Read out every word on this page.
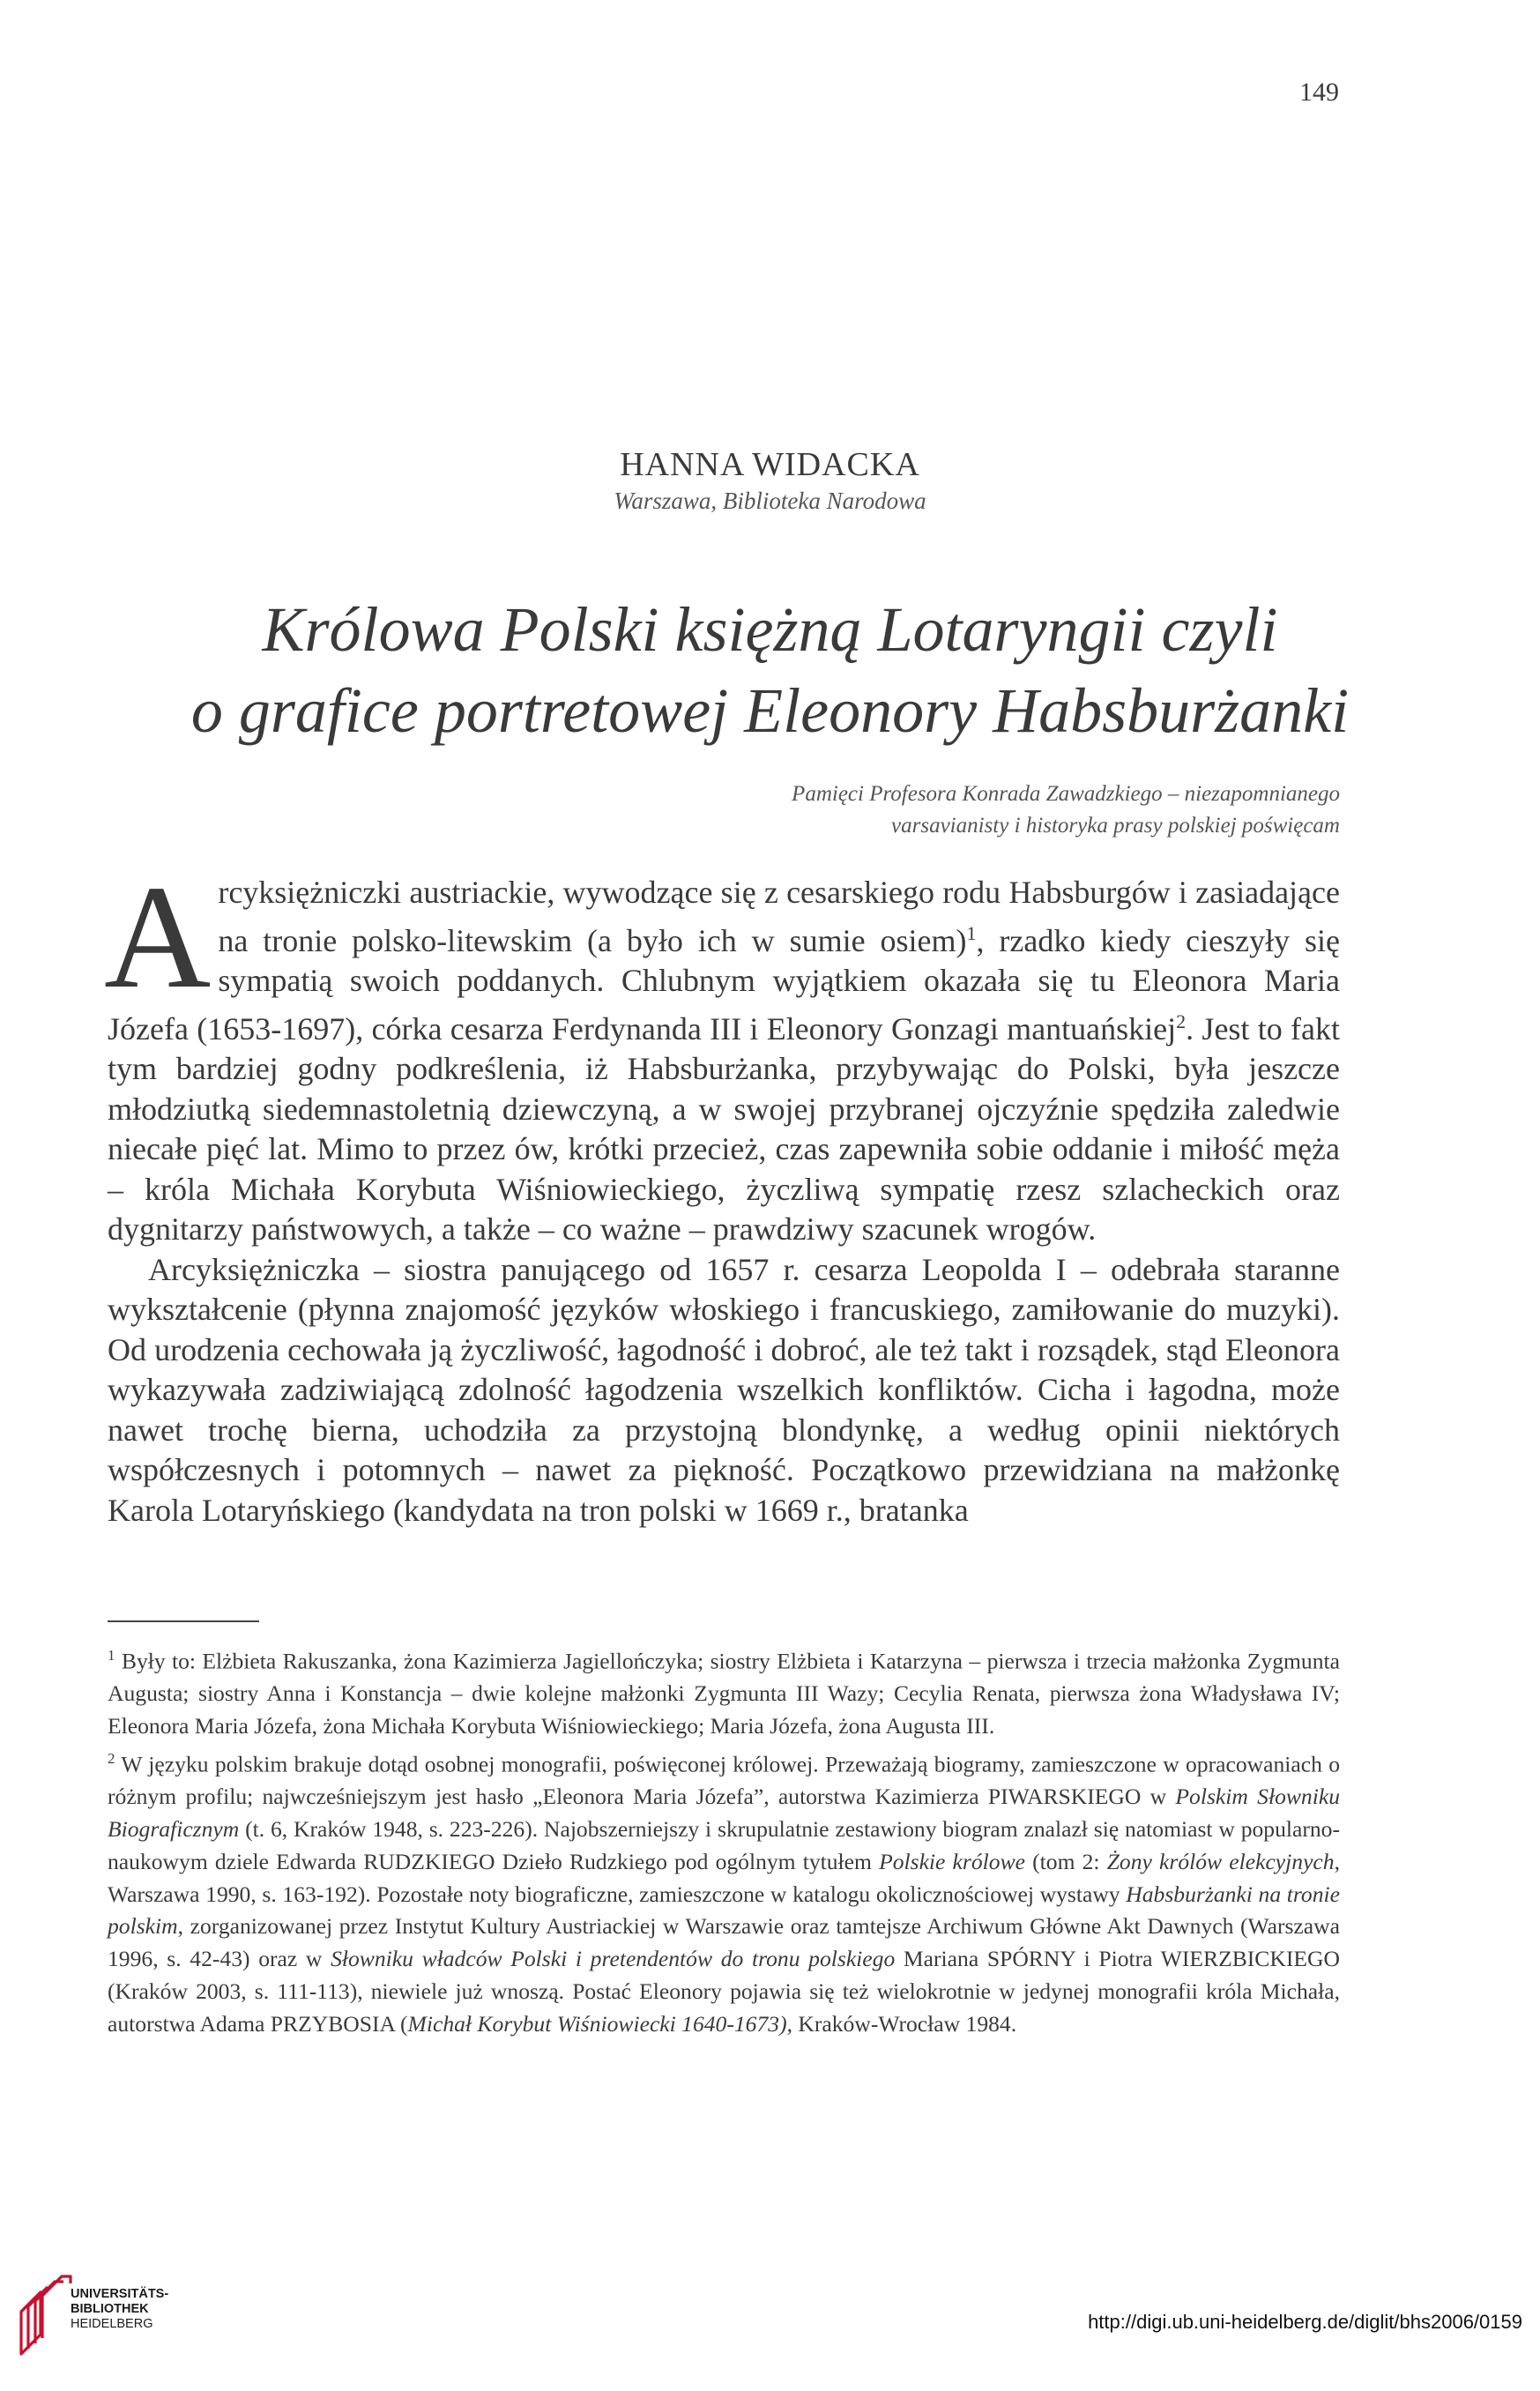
149
HANNA WIDACKA
Warszawa, Biblioteka Narodowa
Królowa Polski księżną Lotaryngii czyli
o grafice portretowej Eleonory Habsburżanki
Pamięci Profesora Konrada Zawadzkiego – niezapomnianego
varsavianisty i historyka prasy polskiej poświęcam

Arcyksiężniczki austriackie, wywodzące się z cesarskiego rodu Habsburgów i zasiadające na tronie polsko-litewskim (a było ich w sumie osiem)$^1$, rzadko kiedy cieszyły się sympatią swoich poddanych. Chlubnym wyjątkiem okazała się tu Eleonora Maria Józefa (1653-1697), córka cesarza Ferdynanda III i Eleonory Gonzagi mantuańskiej$^2$. Jest to fakt tym bardziej godny podkreślenia, iż Habsburżanka, przybywając do Polski, była jeszcze młodziutką siedemnastoletnią dziewczyną, a w swojej przybranej ojczyźnie spędziła zaledwie niecałe pięć lat. Mimo to przez ów, krótki przecież, czas zapewniła sobie oddanie i miłość męża – króla Michała Korybuta Wiśniowieckiego, życzliwą sympatię rzesz szlacheckich oraz dygnitarzy państwowych, a także – co ważne – prawdziwy szacunek wrogów.

Arcyksiężniczka – siostra panującego od 1657 r. cesarza Leopolda I – odebrała staranne wykształcenie (płynna znajomość języków włoskiego i francuskiego, zamiłowanie do muzyki). Od urodzenia cechowała ją życzliwość, łagodność i dobroć, ale też takt i rozsądek, stąd Eleonora wykazywała zadziwiającą zdolność łagodzenia wszelkich konfliktów. Cicha i łagodna, może nawet trochę bierna, uchodziła za przystojną blondynkę, a według opinii niektórych współczesnych i potomnych – nawet za piękność. Początkowo przewidziana na małżonkę Karola Lotaryńskiego (kandydata na tron polski w 1669 r., bratanka

$^1$ Były to: Elżbieta Rakuszanka, żona Kazimierza Jagiellończyka; siostry Elżbieta i Katarzyna – pierwsza i trzecia małżonka Zygmunta Augusta; siostry Anna i Konstancja – dwie kolejne małżonki Zygmunta III Wazy; Cecylia Renata, pierwsza żona Władysława IV; Eleonora Maria Józefa, żona Michała Korybuta Wiśniowieckiego; Maria Józefa, żona Augusta III.

$^2$ W języku polskim brakuje dotąd osobnej monografii, poświęconej królowej. Przeważają biogramy, zamieszczone w opracowaniach o różnym profilu; najwcześniejszym jest hasło „Eleonora Maria Józefa”, autorstwa Kazimierza PIWARSKIEGO w Polskim Słowniku Biograficznym (t. 6, Kraków 1948, s. 223-226). Najobszerniejszy i skrupulatnie zestawiony biogram znalazł się natomiast w popularno-naukowym dziele Edwarda RUDZKIEGO Dzieło Rudzkiego pod ogólnym tytułem Polskie królowe (tom 2: Żony królów elekcyjnych, Warszawa 1990, s. 163-192). Pozostałe noty biograficzne, zamieszczone w katalogu okolicznościowej wystawy Habsburżanki na tronie polskim, zorganizowanej przez Instytut Kultury Austriackiej w Warszawie oraz tamtejsze Archiwum Główne Akt Dawnych (Warszawa 1996, s. 42-43) oraz w Słowniku władców Polski i pretendentów do tronu polskiego Mariana SPÓRNY i Piotra WIERZBICKIEGO (Kraków 2003, s. 111-113), niewiele już wnoszą. Postać Eleonory pojawia się też wielokrotnie w jedynej monografii króla Michała, autorstwa Adama PRZYBOSIA (Michał Korybut Wiśniowiecki 1640-1673), Kraków-Wrocław 1984.

UNIVERSITÄTS-
BIBLIOTHEK
HEIDELBERG	http://digi.ub.uni-heidelberg.de/diglit/bhs2006/0159
